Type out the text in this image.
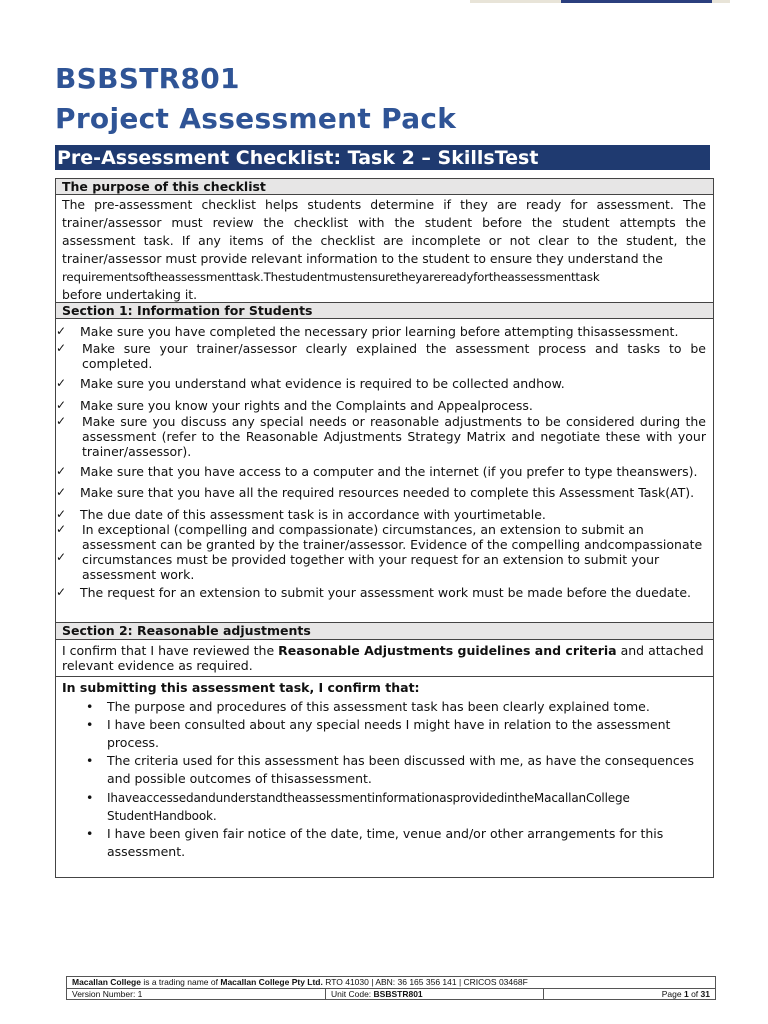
BSBSTR801
Project Assessment Pack
Pre-Assessment Checklist: Task 2 – SkillsTest
The purpose of this checklist
The pre-assessment checklist helps students determine if they are ready for assessment. The trainer/assessor must review the checklist with the student before the student attempts the assessment task. If any items of the checklist are incomplete or not clear to the student, the trainer/assessor must provide relevant information to the student to ensure they understand the
requirementsoftheassessmenttask.Thestudentmustensuretheyarereadyfortheassessmenttask
before undertaking it.
Section 1: Information for Students
✓ Make sure you have completed the necessary prior learning before attempting thisassessment.
✓ Make sure your trainer/assessor clearly explained the assessment process and tasks to be completed.
✓ Make sure you understand what evidence is required to be collected andhow.
✓ Make sure you know your rights and the Complaints and Appealprocess.
✓ Make sure you discuss any special needs or reasonable adjustments to be considered during the assessment (refer to the Reasonable Adjustments Strategy Matrix and negotiate these with your trainer/assessor).
✓ Make sure that you have access to a computer and the internet (if you prefer to type theanswers).
✓ Make sure that you have all the required resources needed to complete this Assessment Task(AT).
✓ The due date of this assessment task is in accordance with yourtimetable.
✓
✓
In exceptional (compelling and compassionate) circumstances, an extension to submit an assessment can be granted by the trainer/assessor. Evidence of the compelling andcompassionate circumstances must be provided together with your request for an extension to submit your assessment work.
✓ The request for an extension to submit your assessment work must be made before the duedate.
Section 2: Reasonable adjustments
I confirm that I have reviewed the Reasonable Adjustments guidelines and criteria and attached relevant evidence as required.
In submitting this assessment task, I confirm that:
• The purpose and procedures of this assessment task has been clearly explained tome.
• I have been consulted about any special needs I might have in relation to the assessment process.
• The criteria used for this assessment has been discussed with me, as have the consequences and possible outcomes of thisassessment.
• IhaveaccessedandunderstandtheassessmentinformationasprovidedintheMacallanCollege StudentHandbook.
• I have been given fair notice of the date, time, venue and/or other arrangements for this assessment.
Macallan College is a trading name of Macallan College Pty Ltd. RTO 41030 | ABN: 36 165 356 141 | CRICOS 03468F
Version Number: 1	Unit Code: BSBSTR801	Page 1 of 31
